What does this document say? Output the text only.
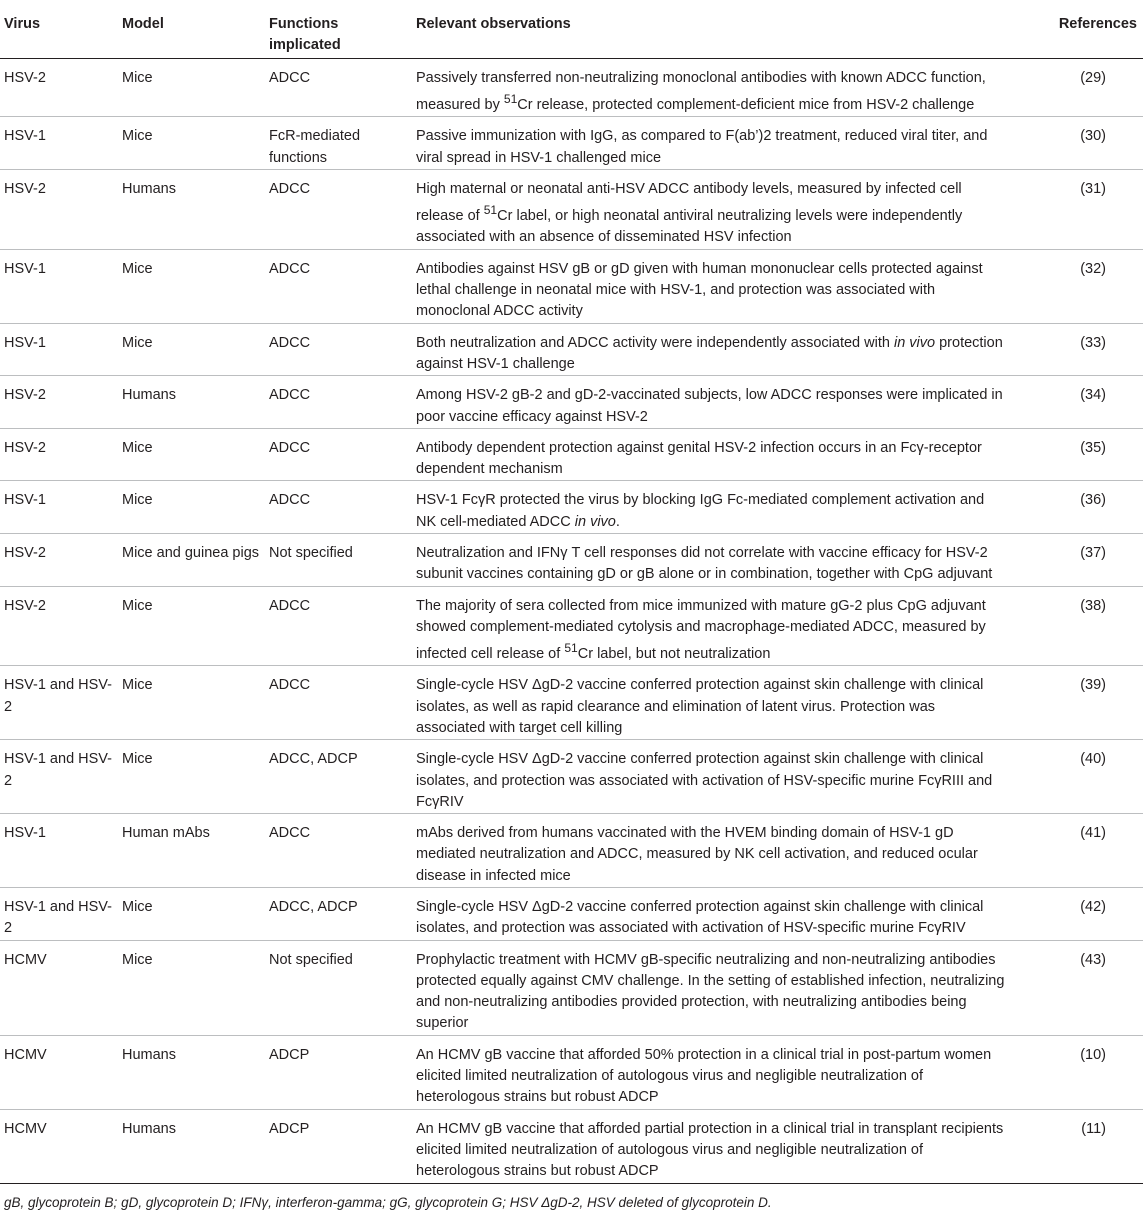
Virus	Model	Functions implicated	Relevant observations	References
HSV-2	Mice	ADCC	Passively transferred non-neutralizing monoclonal antibodies with known ADCC function, measured by $^{51}$Cr release, protected complement-deficient mice from HSV-2 challenge	(29)
HSV-1	Mice	FcR-mediated functions	Passive immunization with IgG, as compared to F(ab’)2 treatment, reduced viral titer, and viral spread in HSV-1 challenged mice	(30)
HSV-2	Humans	ADCC	High maternal or neonatal anti-HSV ADCC antibody levels, measured by infected cell release of $^{51}$Cr label, or high neonatal antiviral neutralizing levels were independently associated with an absence of disseminated HSV infection	(31)
HSV-1	Mice	ADCC	Antibodies against HSV gB or gD given with human mononuclear cells protected against lethal challenge in neonatal mice with HSV-1, and protection was associated with monoclonal ADCC activity	(32)
HSV-1	Mice	ADCC	Both neutralization and ADCC activity were independently associated with in vivo protection against HSV-1 challenge	(33)
HSV-2	Humans	ADCC	Among HSV-2 gB-2 and gD-2-vaccinated subjects, low ADCC responses were implicated in poor vaccine efficacy against HSV-2	(34)
HSV-2	Mice	ADCC	Antibody dependent protection against genital HSV-2 infection occurs in an Fcγ-receptor dependent mechanism	(35)
HSV-1	Mice	ADCC	HSV-1 FcγR protected the virus by blocking IgG Fc-mediated complement activation and NK cell-mediated ADCC in vivo.	(36)
HSV-2	Mice and guinea pigs	Not specified	Neutralization and IFNγ T cell responses did not correlate with vaccine efficacy for HSV-2 subunit vaccines containing gD or gB alone or in combination, together with CpG adjuvant	(37)
HSV-2	Mice	ADCC	The majority of sera collected from mice immunized with mature gG-2 plus CpG adjuvant showed complement-mediated cytolysis and macrophage-mediated ADCC, measured by infected cell release of $^{51}$Cr label, but not neutralization	(38)
HSV-1 and HSV-2	Mice	ADCC	Single-cycle HSV ΔgD-2 vaccine conferred protection against skin challenge with clinical isolates, as well as rapid clearance and elimination of latent virus. Protection was associated with target cell killing	(39)
HSV-1 and HSV-2	Mice	ADCC, ADCP	Single-cycle HSV ΔgD-2 vaccine conferred protection against skin challenge with clinical isolates, and protection was associated with activation of HSV-specific murine FcγRIII and FcγRIV	(40)
HSV-1	Human mAbs	ADCC	mAbs derived from humans vaccinated with the HVEM binding domain of HSV-1 gD mediated neutralization and ADCC, measured by NK cell activation, and reduced ocular disease in infected mice	(41)
HSV-1 and HSV-2	Mice	ADCC, ADCP	Single-cycle HSV ΔgD-2 vaccine conferred protection against skin challenge with clinical isolates, and protection was associated with activation of HSV-specific murine FcγRIV	(42)
HCMV	Mice	Not specified	Prophylactic treatment with HCMV gB-specific neutralizing and non-neutralizing antibodies protected equally against CMV challenge. In the setting of established infection, neutralizing and non-neutralizing antibodies provided protection, with neutralizing antibodies being superior	(43)
HCMV	Humans	ADCP	An HCMV gB vaccine that afforded 50% protection in a clinical trial in post-partum women elicited limited neutralization of autologous virus and negligible neutralization of heterologous strains but robust ADCP	(10)
HCMV	Humans	ADCP	An HCMV gB vaccine that afforded partial protection in a clinical trial in transplant recipients elicited limited neutralization of autologous virus and negligible neutralization of heterologous strains but robust ADCP	(11)
gB, glycoprotein B; gD, glycoprotein D; IFNγ, interferon-gamma; gG, glycoprotein G; HSV ΔgD-2, HSV deleted of glycoprotein D.
